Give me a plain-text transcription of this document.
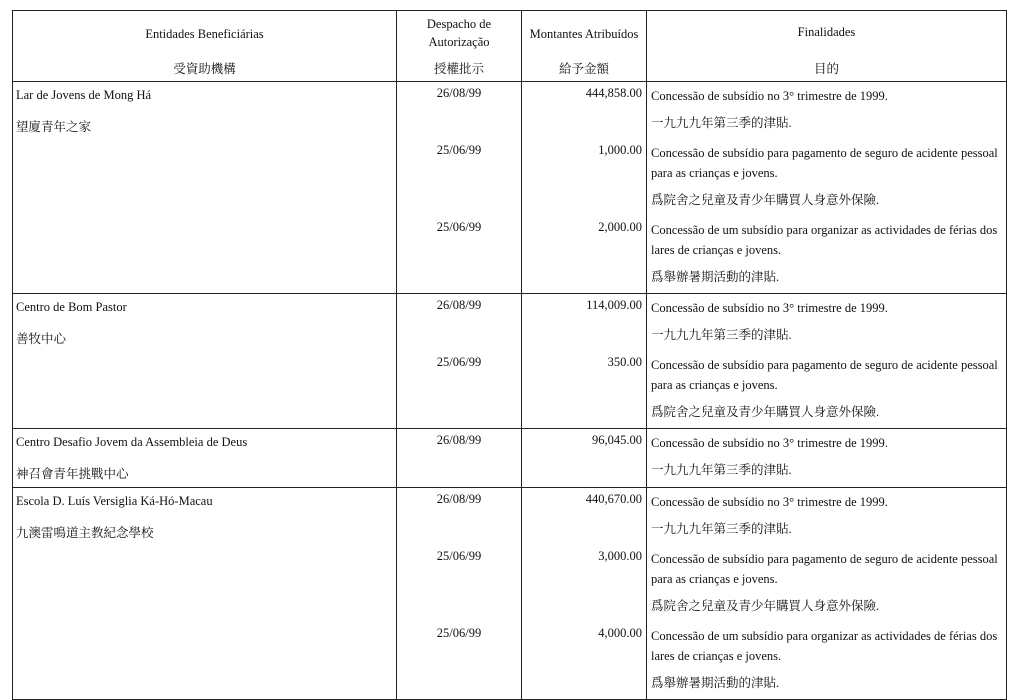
Entidades Beneficiárias
受資助機構
Despacho de Autorização
授權批示
Montantes Atribuídos
給予金額
Finalidades
目的
Lar de Jovens de Mong Há
望廈青年之家
26/08/99	444,858.00 Concessão de subsídio no 3° trimestre de 1999.
一九九九年第三季的津貼.
25/06/99	1,000.00 Concessão de subsídio para pagamento de seguro de acidente pessoal para as crianças e jovens.
爲院舍之兒童及青少年購買人身意外保險.
25/06/99	2,000.00 Concessão de um subsídio para organizar as actividades de férias dos lares de crianças e jovens.
爲舉辦暑期活動的津貼.
Centro de Bom Pastor
善牧中心
26/08/99	114,009.00 Concessão de subsídio no 3° trimestre de 1999.
一九九九年第三季的津貼.
25/06/99	350.00 Concessão de subsídio para pagamento de seguro de acidente pessoal para as crianças e jovens.
爲院舍之兒童及青少年購買人身意外保險.
Centro Desafio Jovem da Assembleia de Deus
神召會青年挑戰中心
26/08/99	96,045.00 Concessão de subsídio no 3° trimestre de 1999.
一九九九年第三季的津貼.
Escola D. Luís Versiglia Ká-Hó-Macau
九澳雷鳴道主教紀念學校
26/08/99	440,670.00 Concessão de subsídio no 3° trimestre de 1999.
一九九九年第三季的津貼.
25/06/99	3,000.00 Concessão de subsídio para pagamento de seguro de acidente pessoal para as crianças e jovens.
爲院舍之兒童及青少年購買人身意外保險.
25/06/99	4,000.00 Concessão de um subsídio para organizar as actividades de férias dos lares de crianças e jovens.
爲舉辦暑期活動的津貼.
